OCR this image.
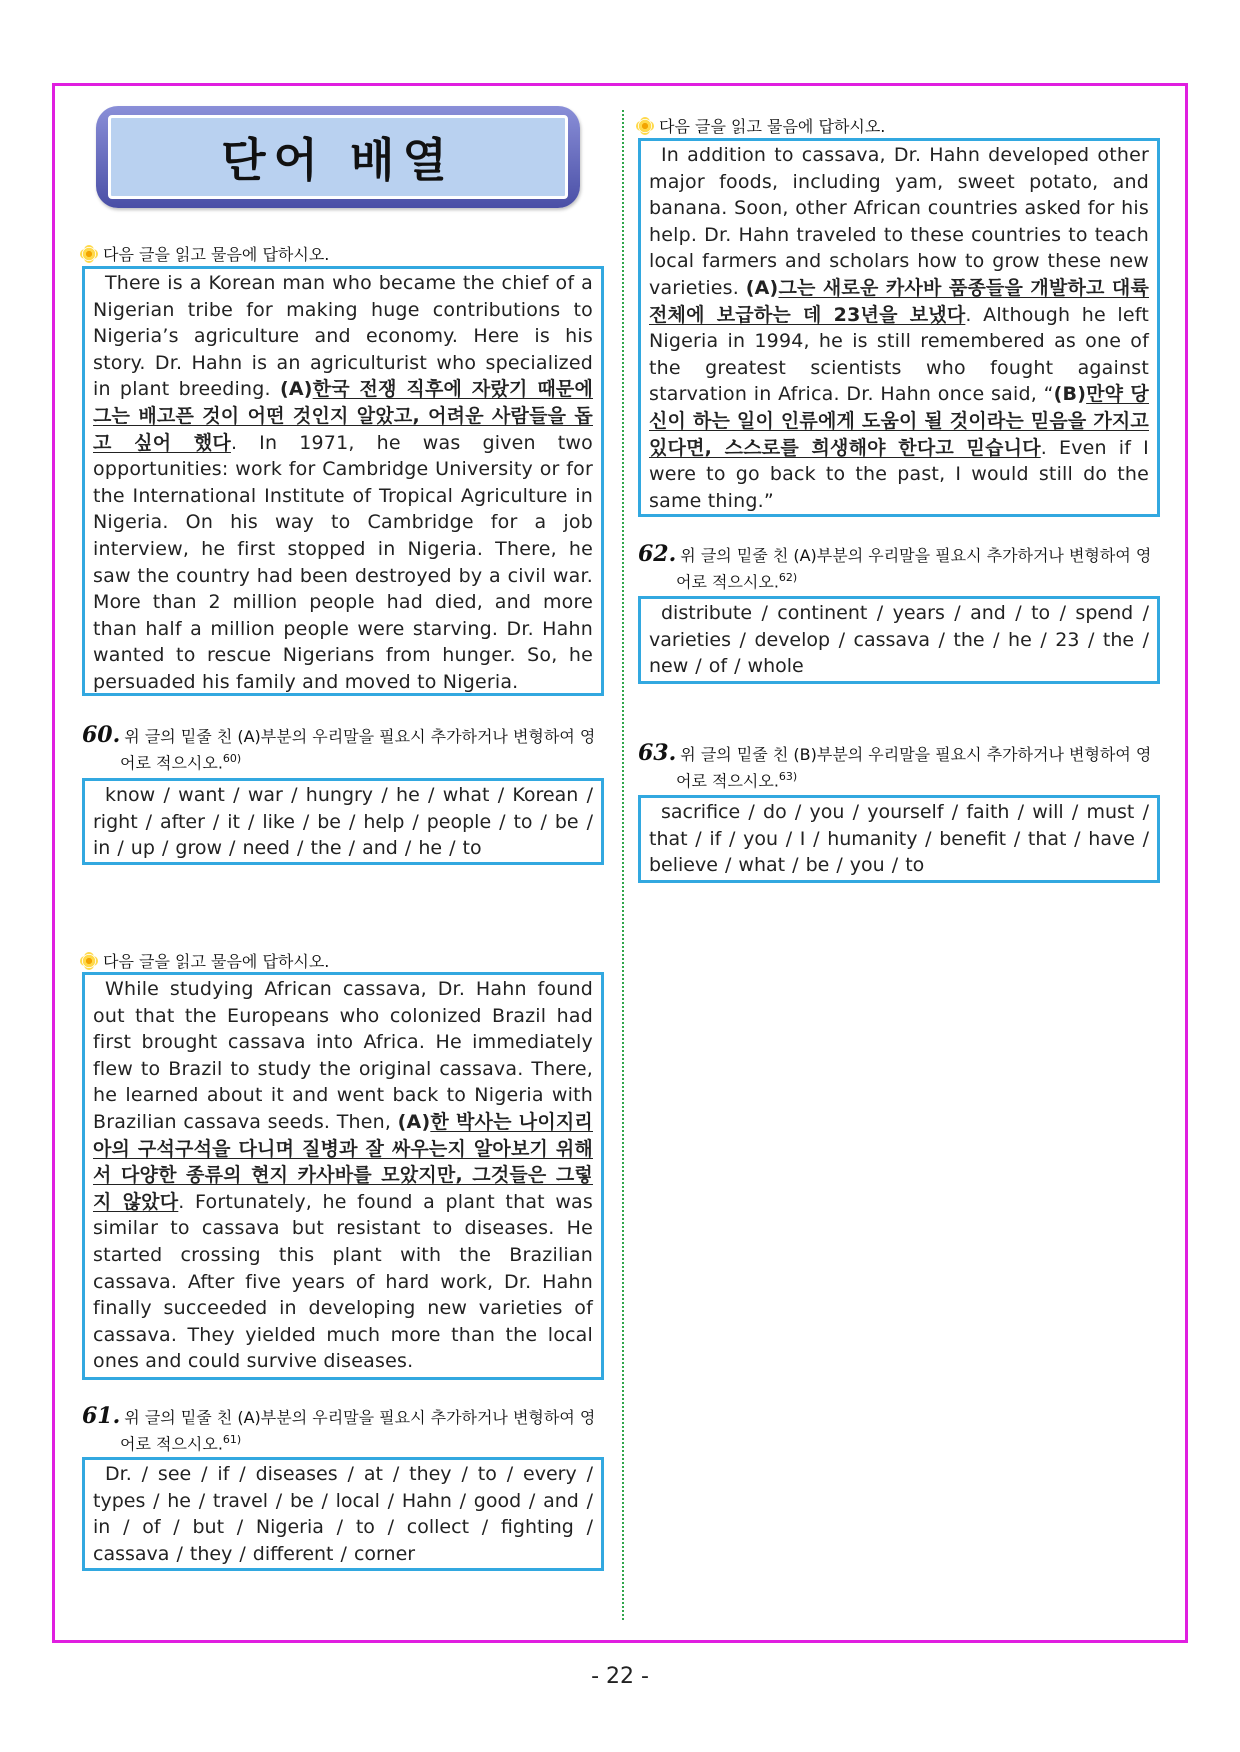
단어 배열
다음 글을 읽고 물음에 답하시오.
There is a Korean man who became the chief of a Nigerian tribe for making huge contributions to Nigeria’s agriculture and economy. Here is his story. Dr. Hahn is an agriculturist who specialized in plant breeding. (A)한국 전쟁 직후에 자랐기 때문에 그는 배고픈 것이 어떤 것인지 알았고, 어려운 사람들을 돕고 싶어 했다. In 1971, he was given two opportunities: work for Cambridge University or for the International Institute of Tropical Agriculture in Nigeria. On his way to Cambridge for a job interview, he first stopped in Nigeria. There, he saw the country had been destroyed by a civil war. More than 2 million people had died, and more than half a million people were starving. Dr. Hahn wanted to rescue Nigerians from hunger. So, he persuaded his family and moved to Nigeria.
60. 위 글의 밑줄 친 (A)부분의 우리말을 필요시 추가하거나 변형하여 영
어로 적으시오.$^{60)}$
know / want / war / hungry / he / what / Korean / right / after / it / like / be / help / people / to / be / in / up / grow / need / the / and / he / to
다음 글을 읽고 물음에 답하시오.
While studying African cassava, Dr. Hahn found out that the Europeans who colonized Brazil had first brought cassava into Africa. He immediately flew to Brazil to study the original cassava. There, he learned about it and went back to Nigeria with Brazilian cassava seeds. Then, (A)한 박사는 나이지리아의 구석구석을 다니며 질병과 잘 싸우는지 알아보기 위해서 다양한 종류의 현지 카사바를 모았지만, 그것들은 그렇지 않았다. Fortunately, he found a plant that was similar to cassava but resistant to diseases. He started crossing this plant with the Brazilian cassava. After five years of hard work, Dr. Hahn finally succeeded in developing new varieties of cassava. They yielded much more than the local ones and could survive diseases.
61. 위 글의 밑줄 친 (A)부분의 우리말을 필요시 추가하거나 변형하여 영
어로 적으시오.$^{61)}$
Dr. / see / if / diseases / at / they / to / every / types / he / travel / be / local / Hahn / good / and / in / of / but / Nigeria / to / collect / fighting / cassava / they / different / corner
다음 글을 읽고 물음에 답하시오.
In addition to cassava, Dr. Hahn developed other major foods, including yam, sweet potato, and banana. Soon, other African countries asked for his help. Dr. Hahn traveled to these countries to teach local farmers and scholars how to grow these new varieties. (A)그는 새로운 카사바 품종들을 개발하고 대륙 전체에 보급하는 데 23년을 보냈다. Although he left Nigeria in 1994, he is still remembered as one of the greatest scientists who fought against starvation in Africa. Dr. Hahn once said, “(B)만약 당신이 하는 일이 인류에게 도움이 될 것이라는 믿음을 가지고 있다면, 스스로를 희생해야 한다고 믿습니다. Even if I were to go back to the past, I would still do the same thing.”
62. 위 글의 밑줄 친 (A)부분의 우리말을 필요시 추가하거나 변형하여 영
어로 적으시오.$^{62)}$
distribute / continent / years / and / to / spend / varieties / develop / cassava / the / he / 23 / the / new / of / whole
63. 위 글의 밑줄 친 (B)부분의 우리말을 필요시 추가하거나 변형하여 영
어로 적으시오.$^{63)}$
sacrifice / do / you / yourself / faith / will / must / that / if / you / I / humanity / benefit / that / have / believe / what / be / you / to
- 22 -
